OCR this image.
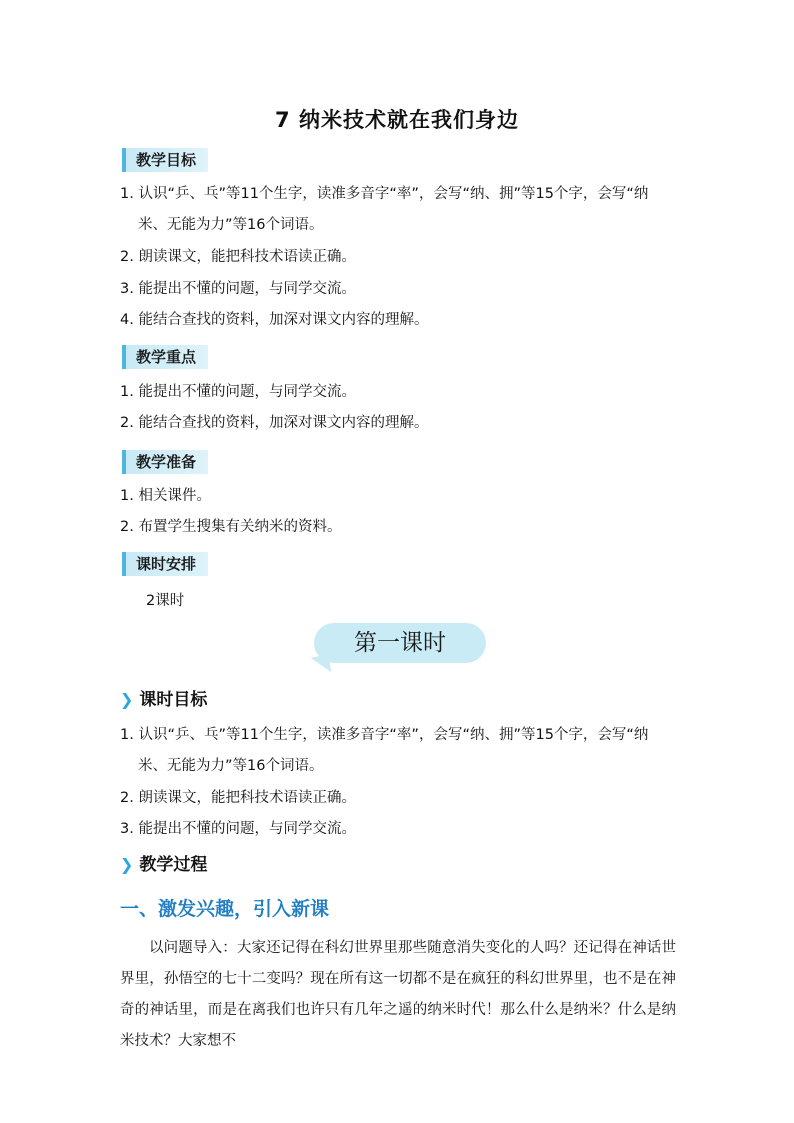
7 纳米技术就在我们身边
教学目标
1. 认识“乒、乓”等11个生字，读准多音字“率”，会写“纳、拥”等15个字，会写“纳
米、无能为力”等16个词语。
2. 朗读课文，能把科技术语读正确。
3. 能提出不懂的问题，与同学交流。
4. 能结合查找的资料，加深对课文内容的理解。
教学重点
1. 能提出不懂的问题，与同学交流。
2. 能结合查找的资料，加深对课文内容的理解。
教学准备
1. 相关课件。
2. 布置学生搜集有关纳米的资料。
课时安排
2课时
第一课时
❯ 课时目标
1. 认识“乒、乓”等11个生字，读准多音字“率”，会写“纳、拥”等15个字，会写“纳
米、无能为力”等16个词语。
2. 朗读课文，能把科技术语读正确。
3. 能提出不懂的问题，与同学交流。
❯ 教学过程
一、激发兴趣，引入新课
以问题导入：大家还记得在科幻世界里那些随意消失变化的人吗？还记得在神话世界里，孙悟空的七十二变吗？现在所有这一切都不是在疯狂的科幻世界里，也不是在神奇的神话里，而是在离我们也许只有几年之遥的纳米时代！那么什么是纳米？什么是纳米技术？大家想不
